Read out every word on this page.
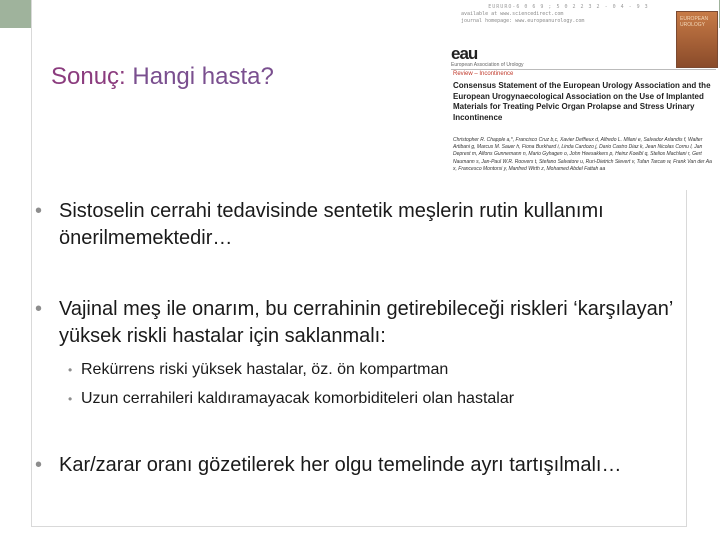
Sonuç: Hangi hasta?
EURURO-6 0 6 9 ; 5 0 2 2 3 2 - 0 4 - 9 3
available at www.sciencedirect.com
journal homepage: www.europeanurology.com	EUROPEAN UROLOGY
eau
European Association of Urology
Review – Incontinence
Consensus Statement of the European Urology Association and the European Urogynaecological Association on the Use of Implanted Materials for Treating Pelvic Organ Prolapse and Stress Urinary Incontinence
Christopher R. Chapple a,*, Francisco Cruz b,c, Xavier Deffieux d, Alfredo L. Milani e, Salvador Arlandis f, Walter Artibani g, Marcus M. Sauer h, Fiona Burkhard i, Linda Cardozo j, Dario Castro Diaz k, Jean Nicolas Cornu l, Jan Deprest m, Alfons Gunnemann n, Mario Gyhagen o, John Heesakkers p, Heinz Koelbl q, Stelios Machlani r, Gert Naumann s, Jan-Paul W.R. Roovers t, Stefano Salvatore u, Ruri-Dietrich Sievert v, Tufan Tarcan w, Frank Van der Aa x, Francesco Montorsi y, Manfred Wirth z, Mohamed Abdel Fattah aa
• Sistoselin cerrahi tedavisinde sentetik meşlerin rutin kullanımı önerilmemektedir…
• Vajinal meş ile onarım, bu cerrahinin getirebileceği riskleri ‘karşılayan’ yüksek riskli hastalar için saklanmalı:
• Rekürrens riski yüksek hastalar, öz. ön kompartman
• Uzun cerrahileri kaldıramayacak komorbiditeleri olan hastalar
• Kar/zarar oranı gözetilerek her olgu temelinde ayrı tartışılmalı…
